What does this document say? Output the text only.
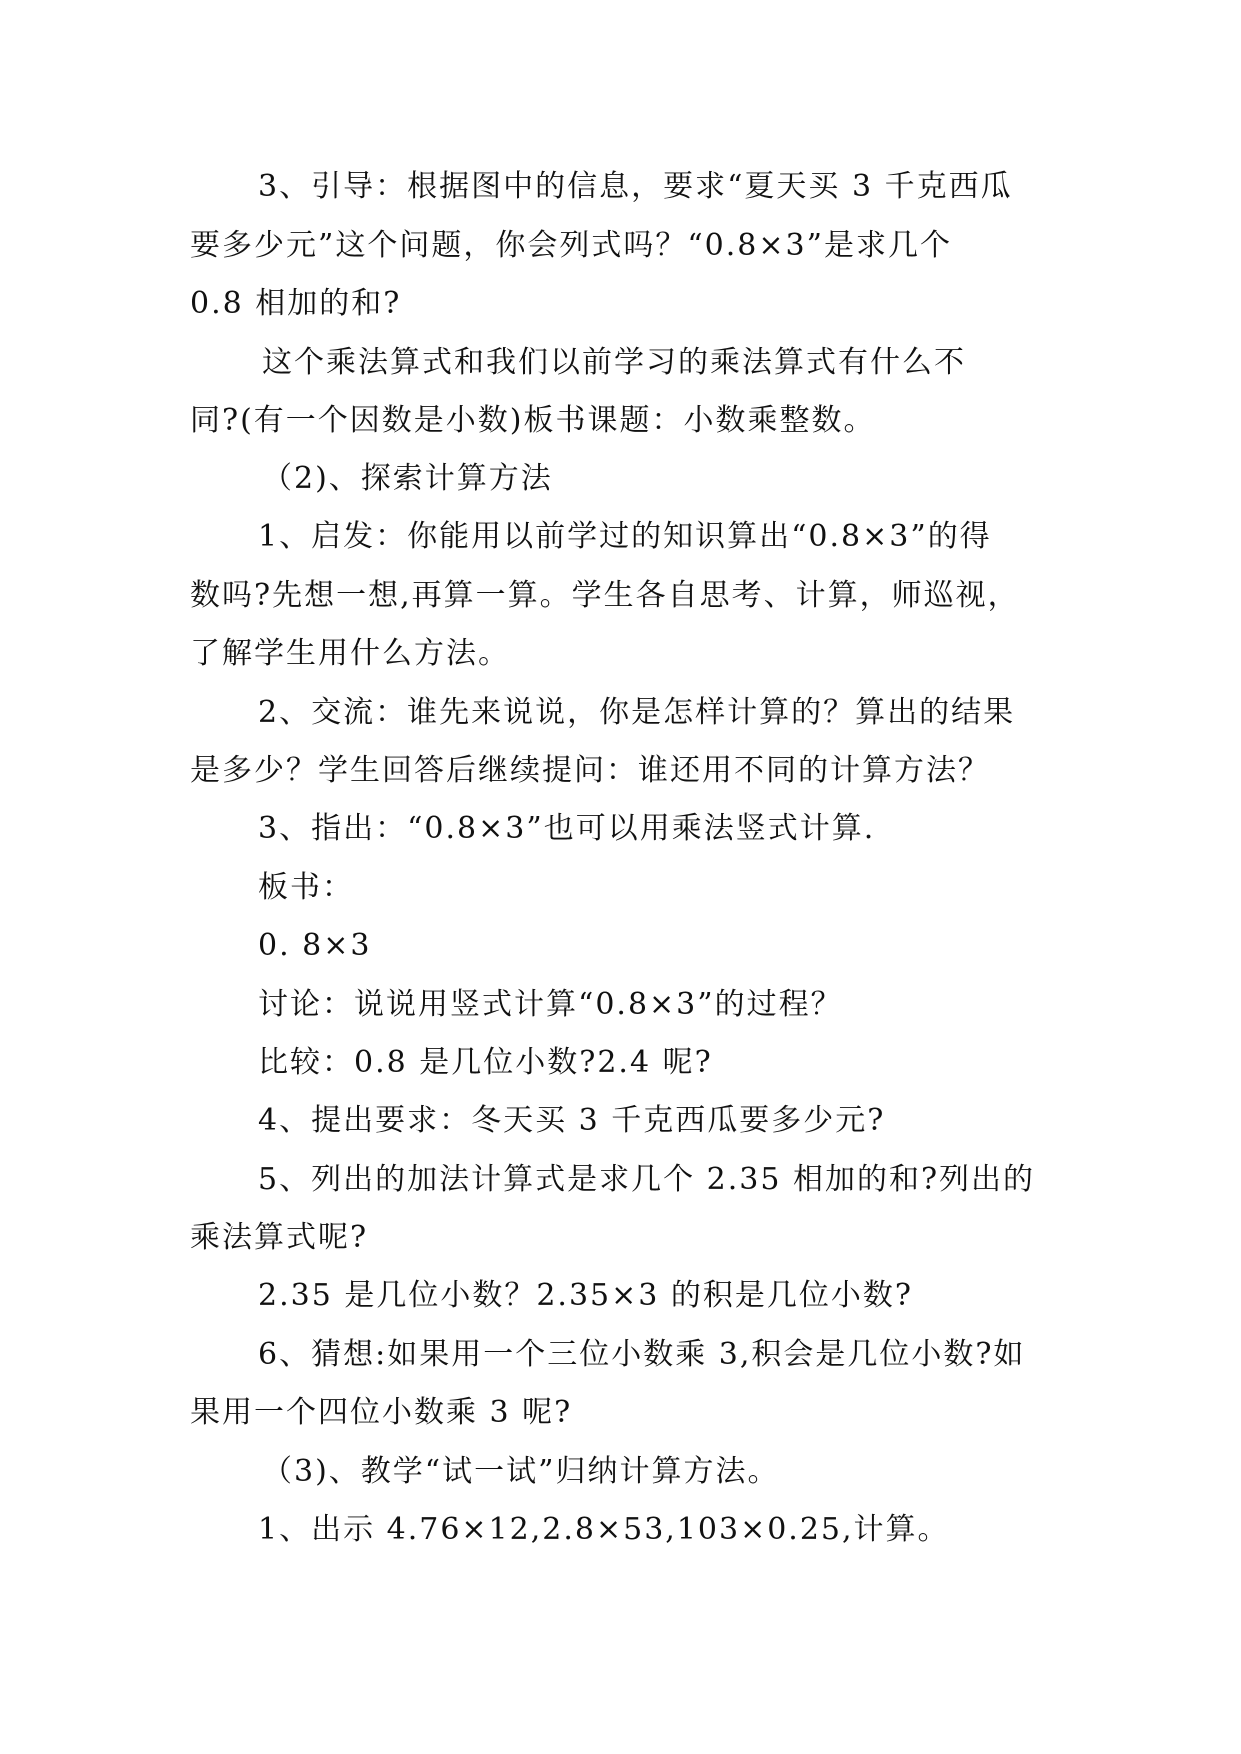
3、引导：根据图中的信息，要求“夏天买 3 千克西瓜
要多少元”这个问题，你会列式吗？“0.8×3”是求几个
0.8 相加的和?
这个乘法算式和我们以前学习的乘法算式有什么不
同?(有一个因数是小数)板书课题：小数乘整数。
（2)、探索计算方法
1、启发：你能用以前学过的知识算出“0.8×3”的得
数吗?先想一想,再算一算。学生各自思考、计算，师巡视，
了解学生用什么方法。
2、交流：谁先来说说，你是怎样计算的？算出的结果
是多少？学生回答后继续提问：谁还用不同的计算方法？
3、指出：“0.8×3”也可以用乘法竖式计算.
板书：
0. 8×3
讨论：说说用竖式计算“0.8×3”的过程？
比较：0.8 是几位小数?2.4 呢?
4、提出要求：冬天买 3 千克西瓜要多少元?
5、列出的加法计算式是求几个 2.35 相加的和?列出的
乘法算式呢?
2.35 是几位小数？2.35×3 的积是几位小数?
6、猜想:如果用一个三位小数乘 3,积会是几位小数?如
果用一个四位小数乘 3 呢?
（3)、教学“试一试”归纳计算方法。
1、出示 4.76×12,2.8×53,103×0.25,计算。
